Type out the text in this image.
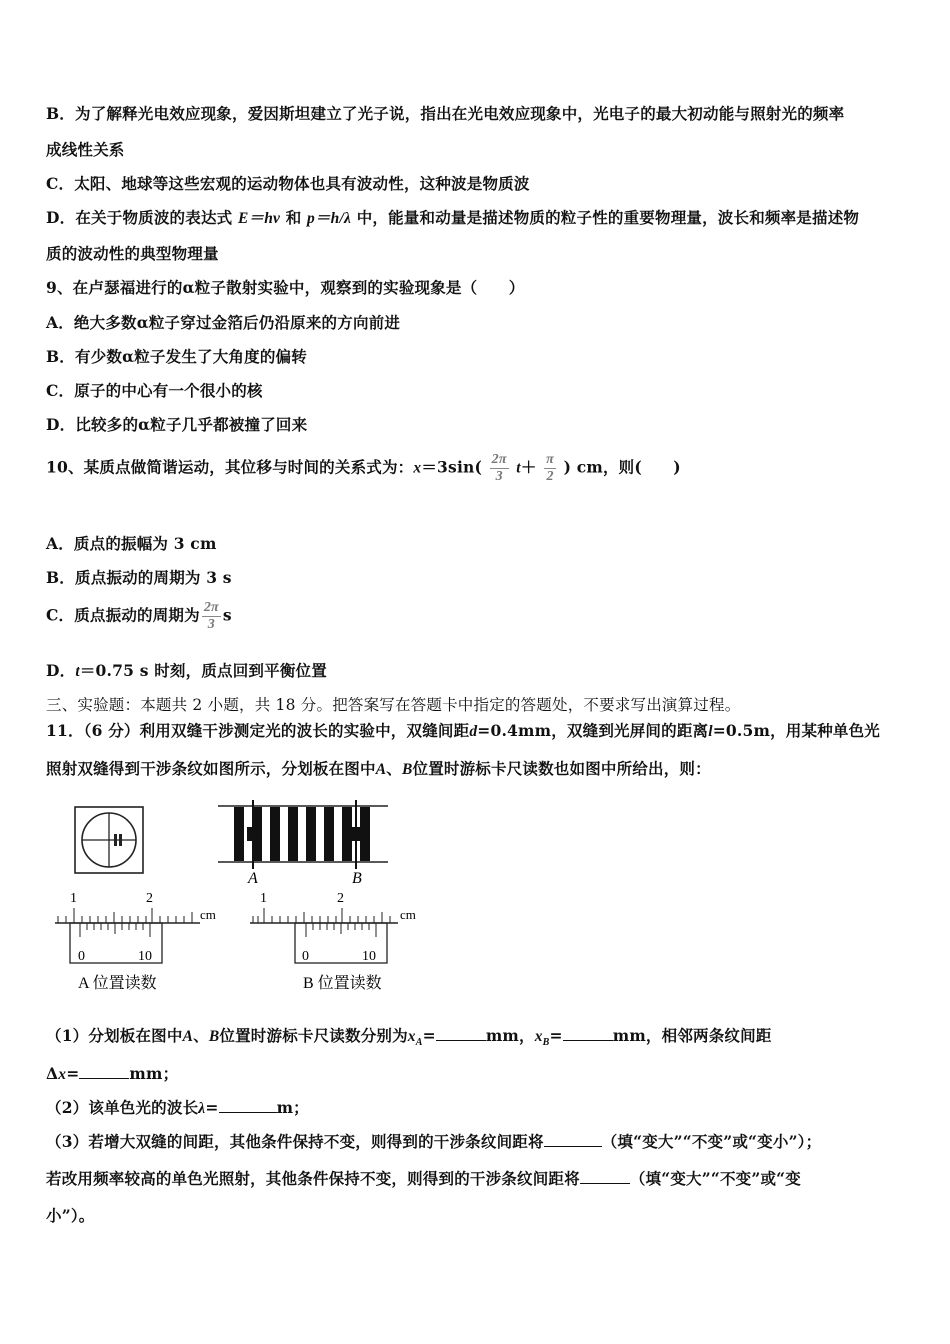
B．为了解释光电效应现象，爱因斯坦建立了光子说，指出在光电效应现象中，光电子的最大初动能与照射光的频率
成线性关系
C．太阳、地球等这些宏观的运动物体也具有波动性，这种波是物质波
D．在关于物质波的表达式 E＝hν 和 p＝h/λ 中，能量和动量是描述物质的粒子性的重要物理量，波长和频率是描述物
质的波动性的典型物理量
9、在卢瑟福进行的α粒子散射实验中，观察到的实验现象是（　　）
A．绝大多数α粒子穿过金箔后仍沿原来的方向前进
B．有少数α粒子发生了大角度的偏转
C．原子的中心有一个很小的核
D．比较多的α粒子几乎都被撞了回来
10、某质点做简谐运动，其位移与时间的关系式为：$x=3\sin( \frac{2\pi}{3} t+ \frac{\pi}{2}$ ) cm，则(　　)
A．质点的振幅为 3 cm
B．质点振动的周期为 3 s
C．质点振动的周期为 $\frac{2\pi}{3}$ s
D．t＝0.75 s 时刻，质点回到平衡位置
三、实验题：本题共 2 小题，共 18 分。把答案写在答题卡中指定的答题处，不要求写出演算过程。
11．（6 分）利用双缝干涉测定光的波长的实验中，双缝间距d=0.4mm，双缝到光屏间的距离l=0.5m，用某种单色光
照射双缝得到干涉条纹如图所示，分划板在图中A、B位置时游标卡尺读数也如图中所给出，则：
A	B
1	2
cm
0	10
A 位置读数
1	2
cm
0	10
B 位置读数
（1）分划板在图中A、B位置时游标卡尺读数分别为$x_A=$	mm，$x_B=$	mm，相邻两条纹间距
Δx=	mm；
（2）该单色光的波长λ=	m；
（3）若增大双缝的间距，其他条件保持不变，则得到的干涉条纹间距将	（填“变大”“不变”或“变小”）；
若改用频率较高的单色光照射，其他条件保持不变，则得到的干涉条纹间距将	（填“变大”“不变”或“变
小”）。
